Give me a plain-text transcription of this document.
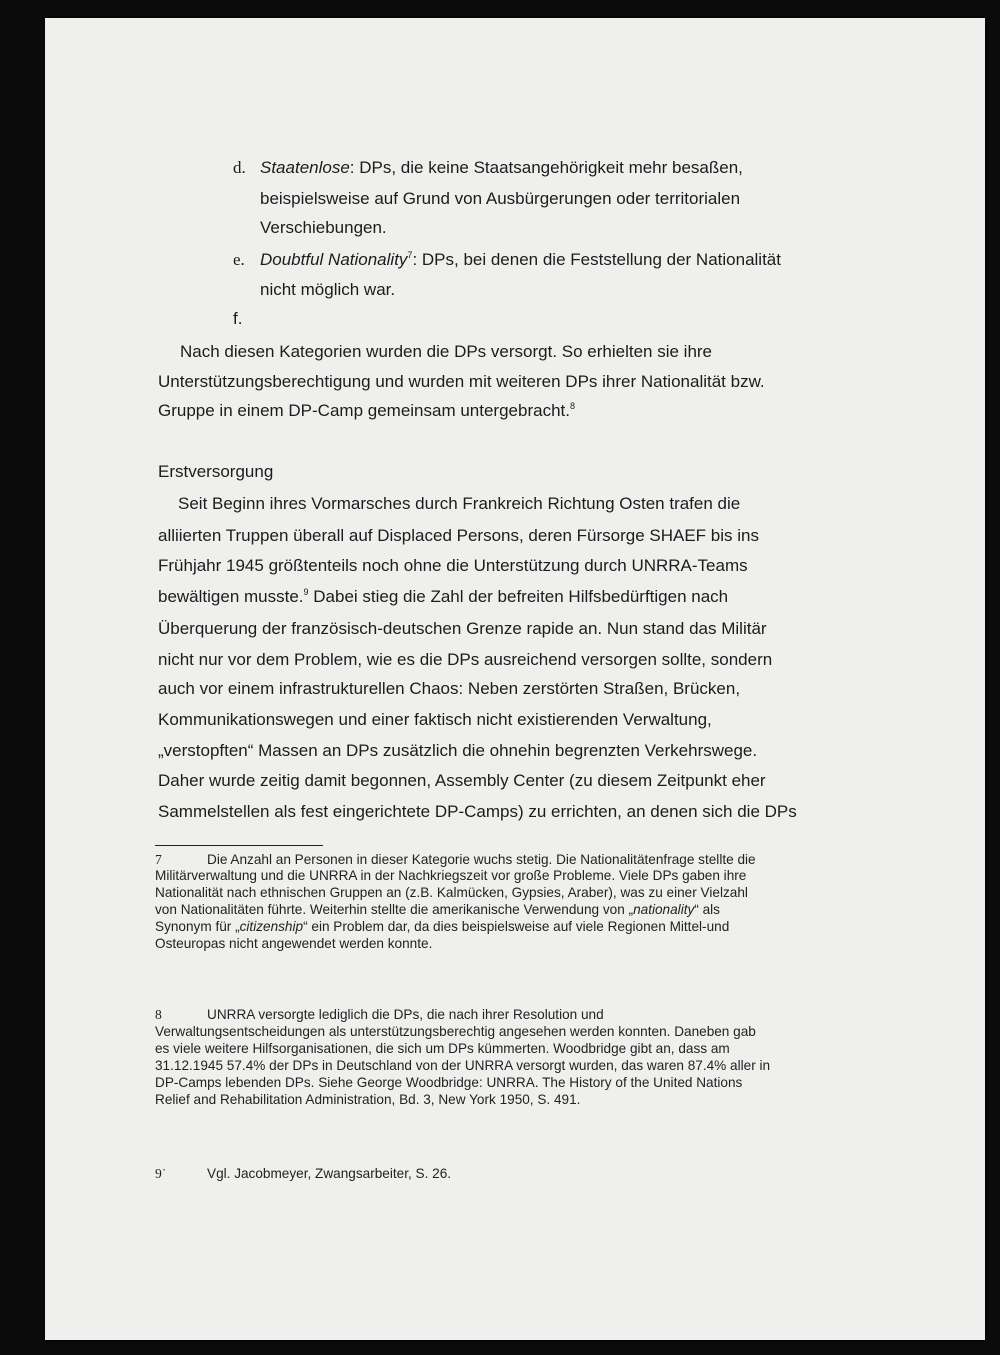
d. Staatenlose: DPs, die keine Staatsangehörigkeit mehr besaßen,
beispielsweise auf Grund von Ausbürgerungen oder territorialen
Verschiebungen.
e. Doubtful Nationality$^7$: DPs, bei denen die Feststellung der Nationalität
nicht möglich war.
f.
Nach diesen Kategorien wurden die DPs versorgt. So erhielten sie ihre
Unterstützungsberechtigung und wurden mit weiteren DPs ihrer Nationalität bzw.
Gruppe in einem DP-Camp gemeinsam untergebracht.$^8$
Erstversorgung
Seit Beginn ihres Vormarsches durch Frankreich Richtung Osten trafen die
alliierten Truppen überall auf Displaced Persons, deren Fürsorge SHAEF bis ins
Frühjahr 1945 größtenteils noch ohne die Unterstützung durch UNRRA-Teams
bewältigen musste.$^9$ Dabei stieg die Zahl der befreiten Hilfsbedürftigen nach
Überquerung der französisch-deutschen Grenze rapide an. Nun stand das Militär
nicht nur vor dem Problem, wie es die DPs ausreichend versorgen sollte, sondern
auch vor einem infrastrukturellen Chaos: Neben zerstörten Straßen, Brücken,
Kommunikationswegen und einer faktisch nicht existierenden Verwaltung,
„verstopften“ Massen an DPs zusätzlich die ohnehin begrenzten Verkehrswege.
Daher wurde zeitig damit begonnen, Assembly Center (zu diesem Zeitpunkt eher
Sammelstellen als fest eingerichtete DP-Camps) zu errichten, an denen sich die DPs
7	Die Anzahl an Personen in dieser Kategorie wuchs stetig. Die Nationalitätenfrage stellte die
Militärverwaltung und die UNRRA in der Nachkriegszeit vor große Probleme. Viele DPs gaben ihre
Nationalität nach ethnischen Gruppen an (z.B. Kalmücken, Gypsies, Araber), was zu einer Vielzahl
von Nationalitäten führte. Weiterhin stellte die amerikanische Verwendung von „nationality“ als
Synonym für „citizenship“ ein Problem dar, da dies beispielsweise auf viele Regionen Mittel-und
Osteuropas nicht angewendet werden konnte.
8	UNRRA versorgte lediglich die DPs, die nach ihrer Resolution und
Verwaltungsentscheidungen als unterstützungsberechtig angesehen werden konnten. Daneben gab
es viele weitere Hilfsorganisationen, die sich um DPs kümmerten. Woodbridge gibt an, dass am
31.12.1945 57.4% der DPs in Deutschland von der UNRRA versorgt wurden, das waren 87.4% aller in
DP-Camps lebenden DPs. Siehe George Woodbridge: UNRRA. The History of the United Nations
Relief and Rehabilitation Administration, Bd. 3, New York 1950, S. 491.
9˙	Vgl. Jacobmeyer, Zwangsarbeiter, S. 26.
